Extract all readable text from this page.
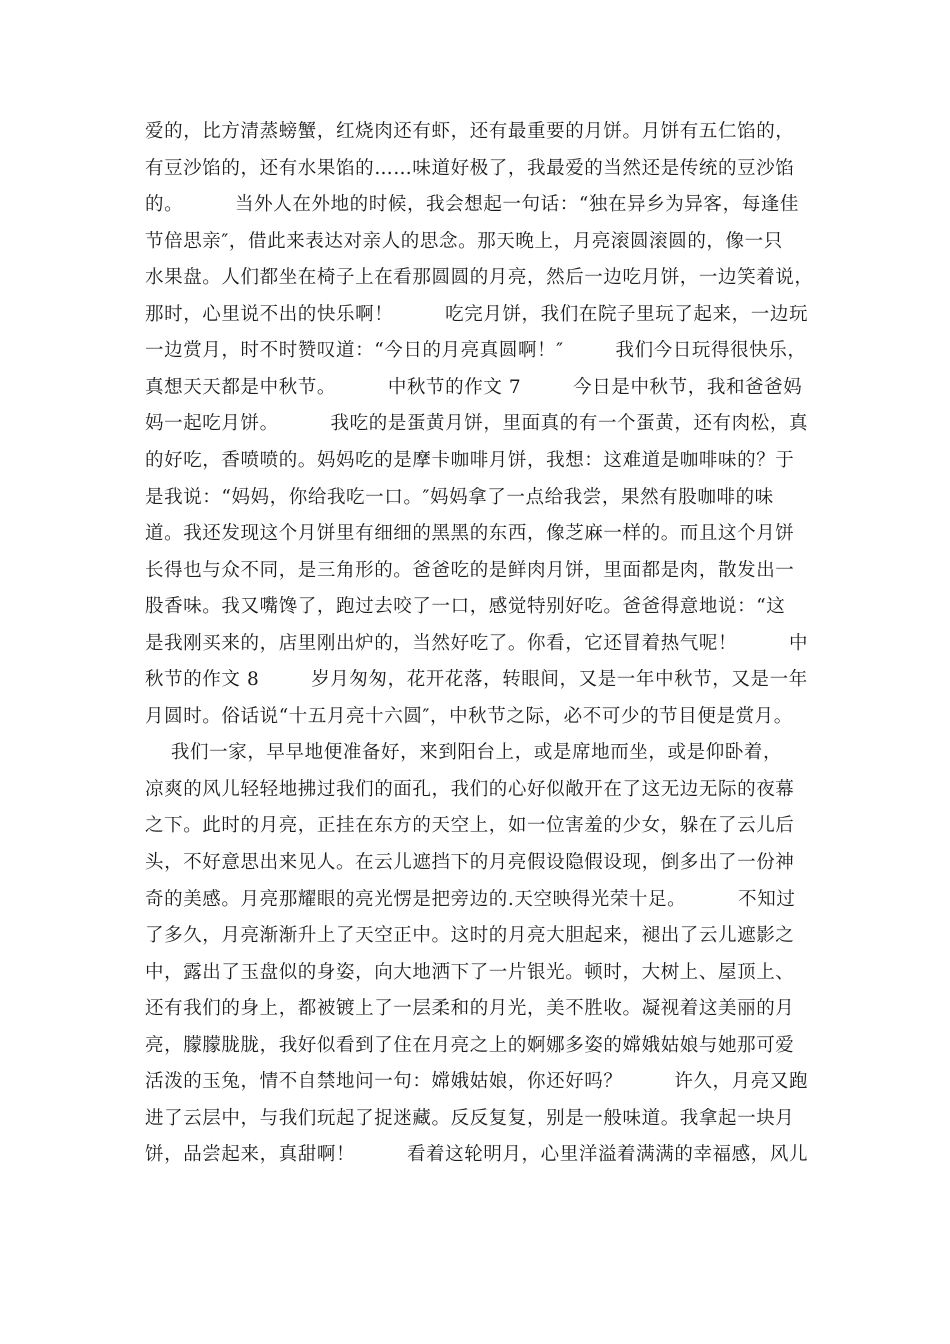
爱的，比方清蒸螃蟹，红烧肉还有虾，还有最重要的月饼。月饼有五仁馅的，
有豆沙馅的，还有水果馅的……味道好极了，我最爱的当然还是传统的豆沙馅
的。        当外人在外地的时候，我会想起一句话：“独在异乡为异客，每逢佳
节倍思亲″，借此来表达对亲人的思念。那天晚上，月亮滚圆滚圆的，像一只
水果盘。人们都坐在椅子上在看那圆圆的月亮，然后一边吃月饼，一边笑着说，
那时，心里说不出的快乐啊！        吃完月饼，我们在院子里玩了起来，一边玩
一边赏月，时不时赞叹道：“今日的月亮真圆啊！″        我们今日玩得很快乐，
真想天天都是中秋节。        中秋节的作文 7        今日是中秋节，我和爸爸妈
妈一起吃月饼。        我吃的是蛋黄月饼，里面真的有一个蛋黄，还有肉松，真
的好吃，香喷喷的。妈妈吃的是摩卡咖啡月饼，我想：这难道是咖啡味的？于
是我说：“妈妈，你给我吃一口。″妈妈拿了一点给我尝，果然有股咖啡的味
道。我还发现这个月饼里有细细的黑黑的东西，像芝麻一样的。而且这个月饼
长得也与众不同，是三角形的。爸爸吃的是鲜肉月饼，里面都是肉，散发出一
股香味。我又嘴馋了，跑过去咬了一口，感觉特别好吃。爸爸得意地说：“这
是我刚买来的，店里刚出炉的，当然好吃了。你看，它还冒着热气呢！        中
秋节的作文 8        岁月匆匆，花开花落，转眼间，又是一年中秋节，又是一年
月圆时。俗话说“十五月亮十六圆″，中秋节之际，必不可少的节目便是赏月。
我们一家，早早地便准备好，来到阳台上，或是席地而坐，或是仰卧着，
凉爽的风儿轻轻地拂过我们的面孔，我们的心好似敞开在了这无边无际的夜幕
之下。此时的月亮，正挂在东方的天空上，如一位害羞的少女，躲在了云儿后
头，不好意思出来见人。在云儿遮挡下的月亮假设隐假设现，倒多出了一份神
奇的美感。月亮那耀眼的亮光愣是把旁边的.天空映得光荣十足。        不知过
了多久，月亮渐渐升上了天空正中。这时的月亮大胆起来，褪出了云儿遮影之
中，露出了玉盘似的身姿，向大地洒下了一片银光。顿时，大树上、屋顶上、
还有我们的身上，都被镀上了一层柔和的月光，美不胜收。凝视着这美丽的月
亮，朦朦胧胧，我好似看到了住在月亮之上的婀娜多姿的嫦娥姑娘与她那可爱
活泼的玉兔，情不自禁地问一句：嫦娥姑娘，你还好吗？        许久，月亮又跑
进了云层中，与我们玩起了捉迷藏。反反复复，别是一般味道。我拿起一块月
饼，品尝起来，真甜啊！        看着这轮明月，心里洋溢着满满的幸福感，风儿
